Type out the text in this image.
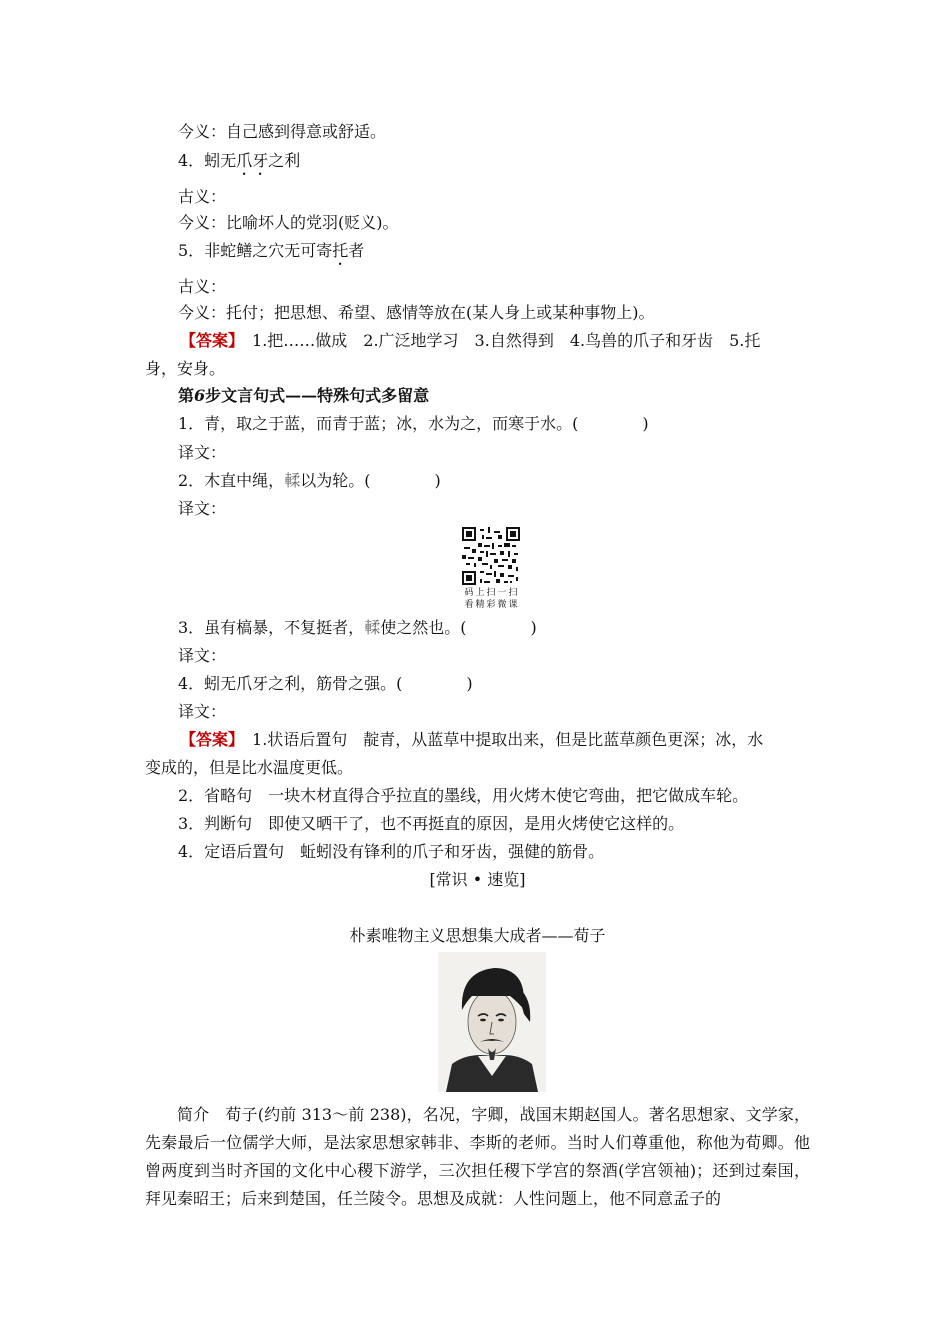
今义：自己感到得意或舒适。
4．蚓无爪牙之利
古义：
今义：比喻坏人的党羽(贬义)。
5．非蛇鳝之穴无可寄托者
古义：
今义：托付；把思想、希望、感情等放在(某人身上或某种事物上)。
【答案】　1.把……做成　2.广泛地学习　3.自然得到　4.鸟兽的爪子和牙齿　5.托
身，安身。
第6步文言句式——特殊句式多留意
1．青，取之于蓝，而青于蓝；冰，水为之，而寒于水。(　　　　)
译文：
2．木直中绳，輮以为轮。(　　　　)
译文：
码上扫一扫
看精彩微课
3．虽有槁暴，不复挺者，輮使之然也。(　　　　)
译文：
4．蚓无爪牙之利，筋骨之强。(　　　　)
译文：
【答案】　1.状语后置句　靛青，从蓝草中提取出来，但是比蓝草颜色更深；冰，水
变成的，但是比水温度更低。
2．省略句　一块木材直得合乎拉直的墨线，用火烤木使它弯曲，把它做成车轮。
3．判断句　即使又晒干了，也不再挺直的原因，是用火烤使它这样的。
4．定语后置句　蚯蚓没有锋利的爪子和牙齿，强健的筋骨。
[常识 • 速览]
朴素唯物主义思想集大成者——荀子
简介　荀子(约前 313～前 238)，名况，字卿，战国末期赵国人。著名思想家、文学家，先秦最后一位儒学大师，是法家思想家韩非、李斯的老师。当时人们尊重他，称他为荀卿。他曾两度到当时齐国的文化中心稷下游学，三次担任稷下学宫的祭酒(学宫领袖)；还到过秦国，拜见秦昭王；后来到楚国，任兰陵令。思想及成就：人性问题上，他不同意孟子的
